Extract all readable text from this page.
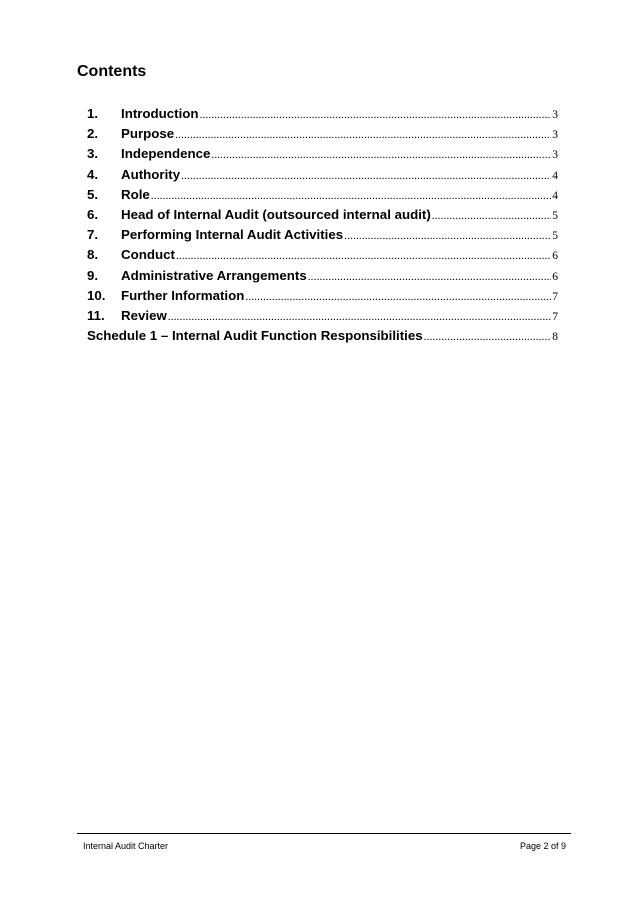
Contents
1.	Introduction .....	3
2.	Purpose .....	3
3.	Independence .....	3
4.	Authority .....	4
5.	Role .....	4
6.	Head of Internal Audit (outsourced internal audit) .....	5
7.	Performing Internal Audit Activities .....	5
8.	Conduct .....	6
9.	Administrative Arrangements .....	6
10.	Further Information .....	7
11.	Review .....	7
Schedule 1 – Internal Audit Function Responsibilities .....	8
Internal Audit Charter	Page 2 of 9
